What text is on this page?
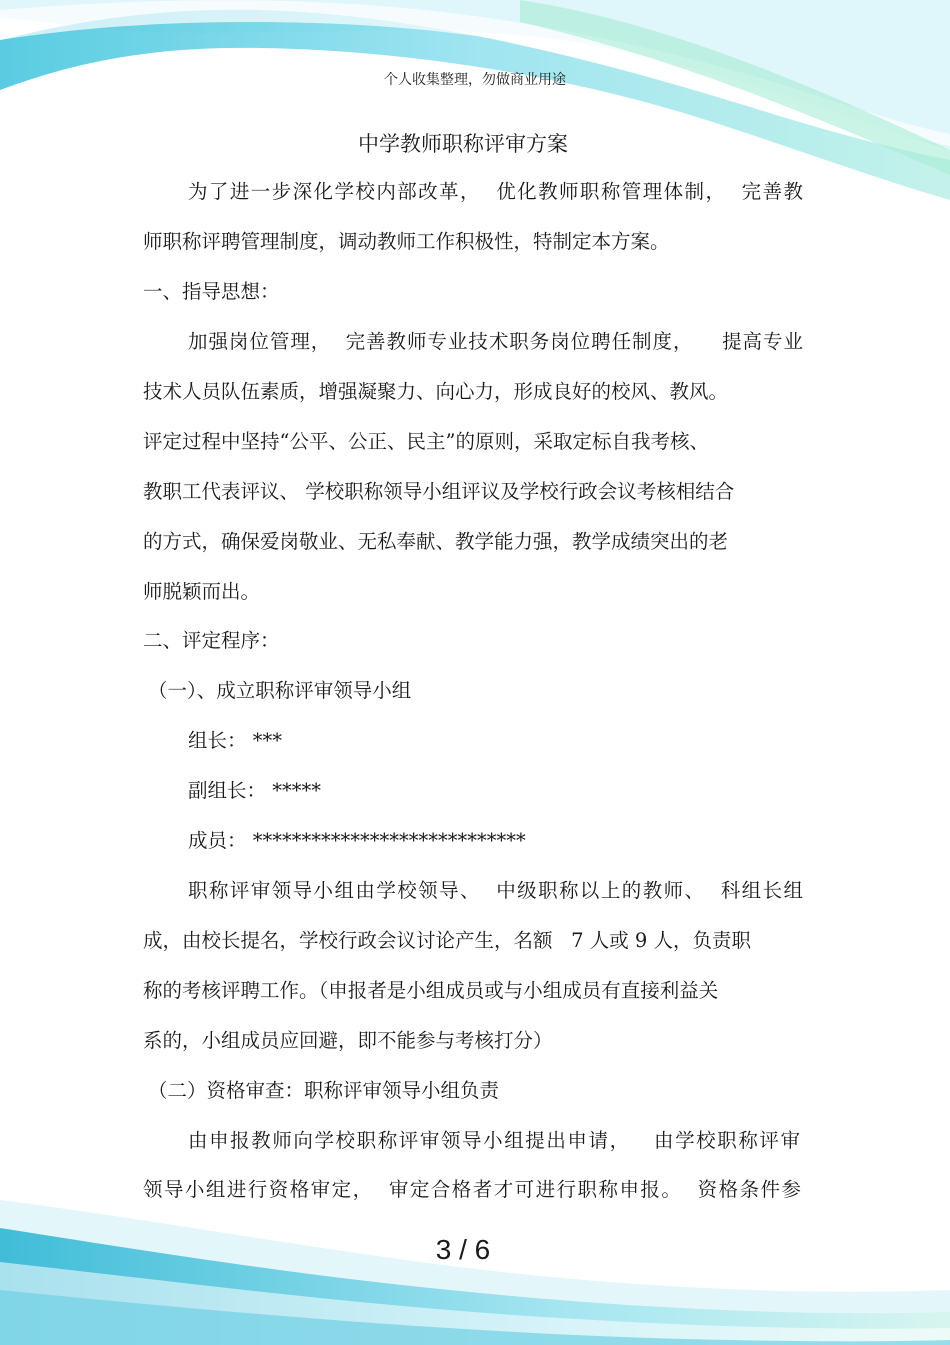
个人收集整理，勿做商业用途
中学教师职称评审方案
为了进一步深化学校内部改革，  优化教师职称管理体制，  完善教
师职称评聘管理制度，调动教师工作积极性，特制定本方案。
一、指导思想：
加强岗位管理，  完善教师专业技术职务岗位聘任制度，    提高专业
技术人员队伍素质，增强凝聚力、向心力，形成良好的校风、教风。
评定过程中坚持“公平、公正、民主”的原则，采取定标自我考核、
教职工代表评议、 学校职称领导小组评议及学校行政会议考核相结合
的方式，确保爱岗敬业、无私奉献、教学能力强，教学成绩突出的老
师脱颖而出。
二、评定程序：
（一）、成立职称评审领导小组
组长： ***
副组长： *****
成员： ****************************
职称评审领导小组由学校领导、  中级职称以上的教师、  科组长组
成，由校长提名，学校行政会议讨论产生，名额   7 人或 9 人，负责职
称的考核评聘工作。（申报者是小组成员或与小组成员有直接利益关
系的，小组成员应回避，即不能参与考核打分）
（二）资格审查：职称评审领导小组负责
由申报教师向学校职称评审领导小组提出申请，   由学校职称评审
领导小组进行资格审定，  审定合格者才可进行职称申报。  资格条件参
3 / 6
